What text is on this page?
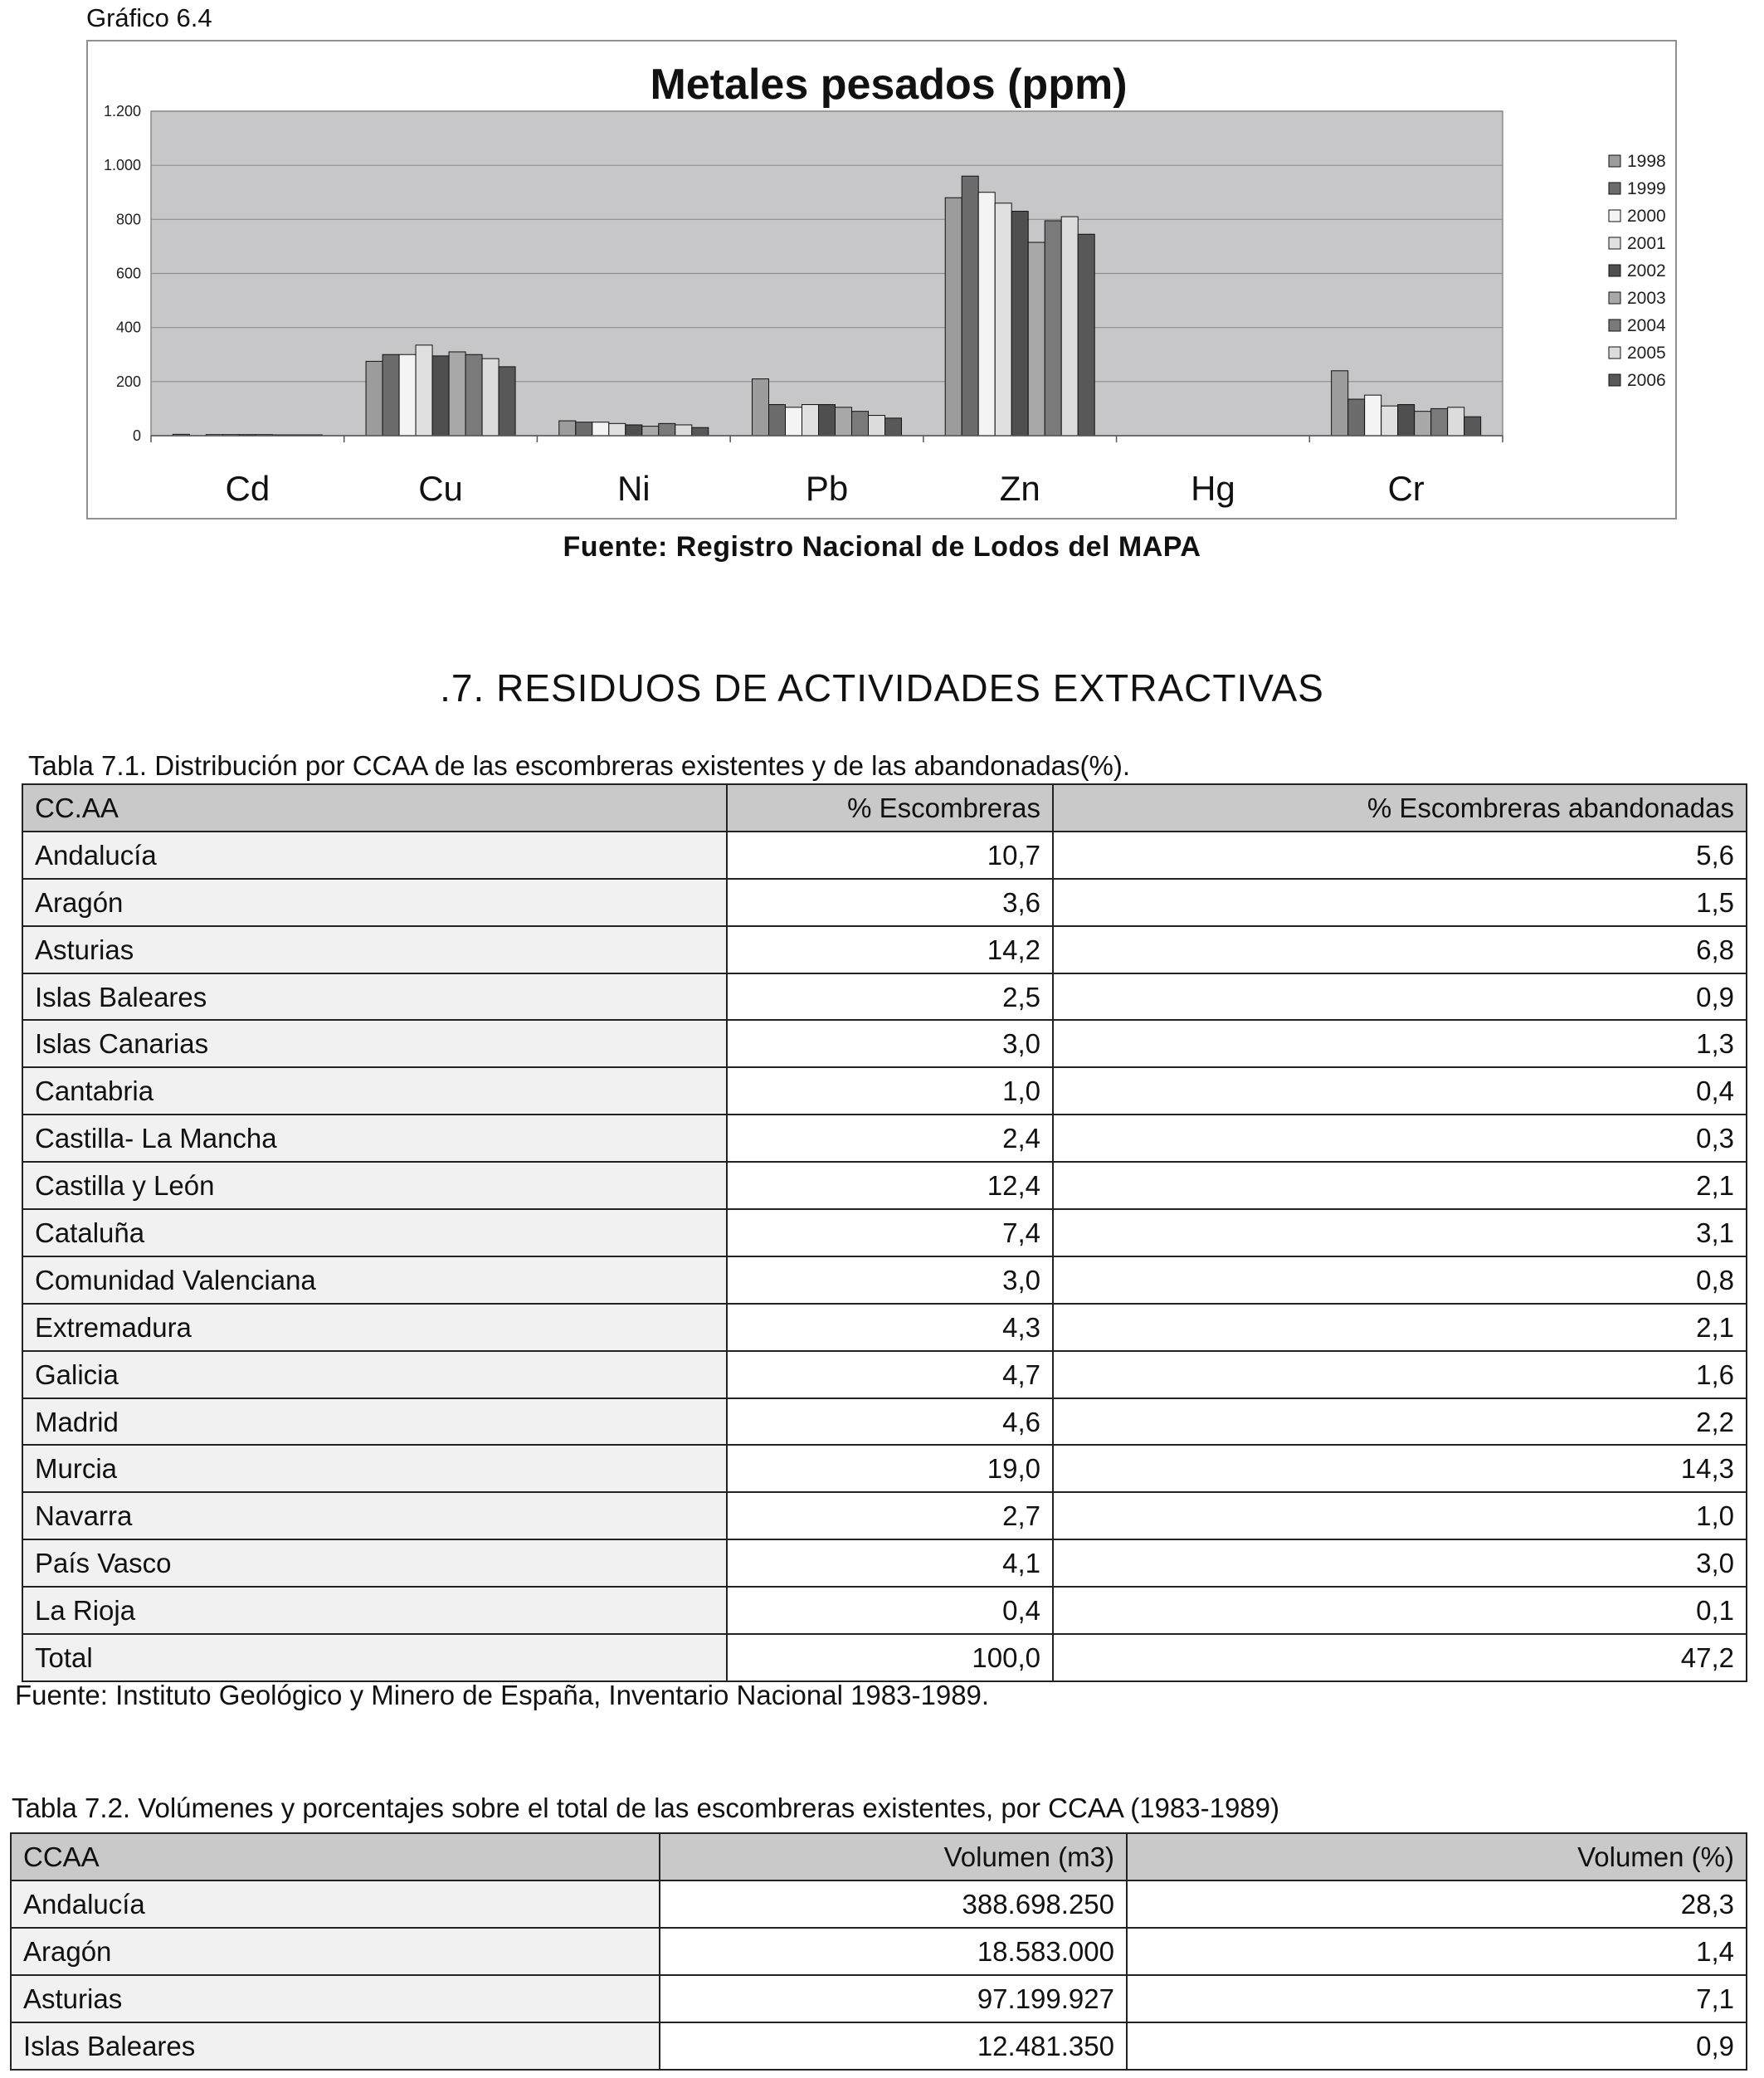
Gráfico 6.4
Metales pesados (ppm)
0
200
400
600
800
1.000
1.200
Cd	Cu	Ni	Pb	Zn	Hg	Cr
1998
1999
2000
2001
2002
2003
2004
2005
2006
Fuente: Registro Nacional de Lodos del MAPA
.7. RESIDUOS DE ACTIVIDADES EXTRACTIVAS
Tabla 7.1. Distribución por CCAA de las escombreras existentes y de las abandonadas(%).
CC.AA	% Escombreras	% Escombreras abandonadas
Andalucía	10,7	5,6
Aragón	3,6	1,5
Asturias	14,2	6,8
Islas Baleares	2,5	0,9
Islas Canarias	3,0	1,3
Cantabria	1,0	0,4
Castilla- La Mancha	2,4	0,3
Castilla y León	12,4	2,1
Cataluña	7,4	3,1
Comunidad Valenciana	3,0	0,8
Extremadura	4,3	2,1
Galicia	4,7	1,6
Madrid	4,6	2,2
Murcia	19,0	14,3
Navarra	2,7	1,0
País Vasco	4,1	3,0
La Rioja	0,4	0,1
Total	100,0	47,2
Fuente: Instituto Geológico y Minero de España, Inventario Nacional 1983-1989.
Tabla 7.2. Volúmenes y porcentajes sobre el total de las escombreras existentes, por CCAA (1983-1989)
CCAA	Volumen (m3)	Volumen (%)
Andalucía	388.698.250	28,3
Aragón	18.583.000	1,4
Asturias	97.199.927	7,1
Islas Baleares	12.481.350	0,9
